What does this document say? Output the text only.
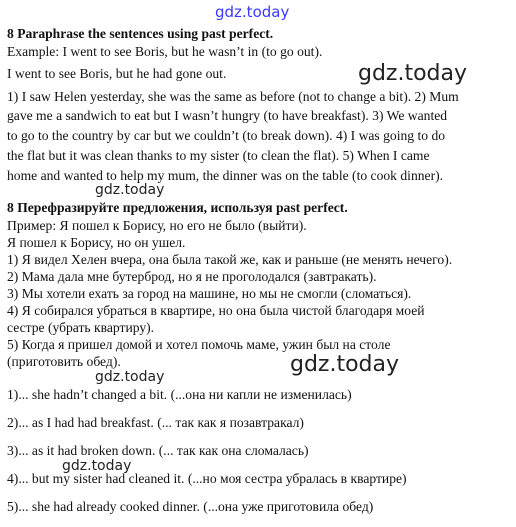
gdz.today
8 Paraphrase the sentences using past perfect.
Example: I went to see Boris, but he wasn’t in (to go out).
I went to see Boris, but he had gone out.	gdz.today
1) I saw Helen yesterday, she was the same as before (not to change a bit). 2) Mum
gave me a sandwich to eat but I wasn’t hungry (to have breakfast). 3) We wanted
to go to the country by car but we couldn’t (to break down). 4) I was going to do
the flat but it was clean thanks to my sister (to clean the flat). 5) When I came
home and wanted to help my mum, the dinner was on the table (to cook dinner).
gdz.today
8 Перефразируйте предложения, используя past perfect.
Пример: Я пошел к Борису, но его не было (выйти).
Я пошел к Борису, но он ушел.
1) Я видел Хелен вчера, она была такой же, как и раньше (не менять нечего).
2) Мама дала мне бутерброд, но я не проголодался (завтракать).
3) Мы хотели ехать за город на машине, но мы не смогли (сломаться).
4) Я собирался убраться в квартире, но она была чистой благодаря моей
сестре (убрать квартиру).
5) Когда я пришел домой и хотел помочь маме, ужин был на столе
(приготовить обед).	gdz.today
gdz.today
1)... she hadn’t changed a bit. (...она ни капли не изменилась)
2)... as I had had breakfast. (... так как я позавтракал)
3)... as it had broken down. (... так как она сломалась)
gdz.today
4)... but my sister had cleaned it. (...но моя сестра убралась в квартире)
5)... she had already cooked dinner. (...она уже приготовила обед)
